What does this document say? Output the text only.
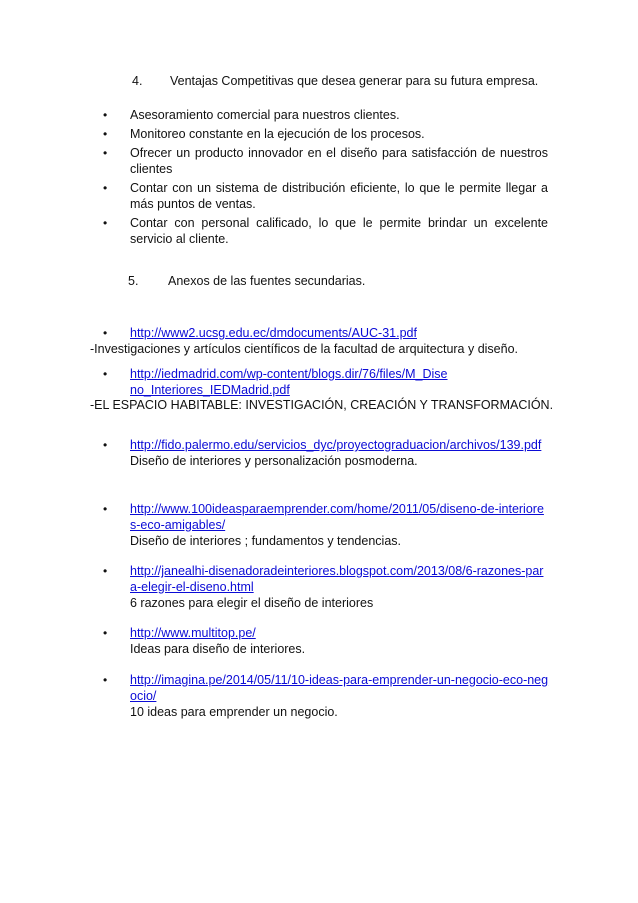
4. Ventajas Competitivas que desea generar para su futura empresa.
• Asesoramiento comercial para nuestros clientes.
• Monitoreo constante en la ejecución de los procesos.
• Ofrecer un producto innovador en el diseño para satisfacción de nuestros clientes
• Contar con un sistema de distribución eficiente, lo que le permite llegar a más puntos de ventas.
• Contar con personal calificado, lo que le permite brindar un excelente servicio al cliente.
5. Anexos de las fuentes secundarias.
• http://www2.ucsg.edu.ec/dmdocuments/AUC-31.pdf
-Investigaciones y artículos científicos de la facultad de arquitectura y diseño.
• http://iedmadrid.com/wp-content/blogs.dir/76/files/M_Diseno_Interiores_IEDMadrid.pdf
-EL ESPACIO HABITABLE: INVESTIGACIÓN, CREACIÓN Y TRANSFORMACIÓN.
• http://fido.palermo.edu/servicios_dyc/proyectograduacion/archivos/139.pdf
Diseño de interiores y personalización posmoderna.
• http://www.100ideasparaemprender.com/home/2011/05/diseno-de-interiores-eco-amigables/
Diseño de interiores ; fundamentos y tendencias.
• http://janealhi-disenadoradeinteriores.blogspot.com/2013/08/6-razones-para-elegir-el-diseno.html
6 razones para elegir el diseño de interiores
• http://www.multitop.pe/
Ideas para diseño de interiores.
• http://imagina.pe/2014/05/11/10-ideas-para-emprender-un-negocio-eco-negocio/
10 ideas para emprender un negocio.
